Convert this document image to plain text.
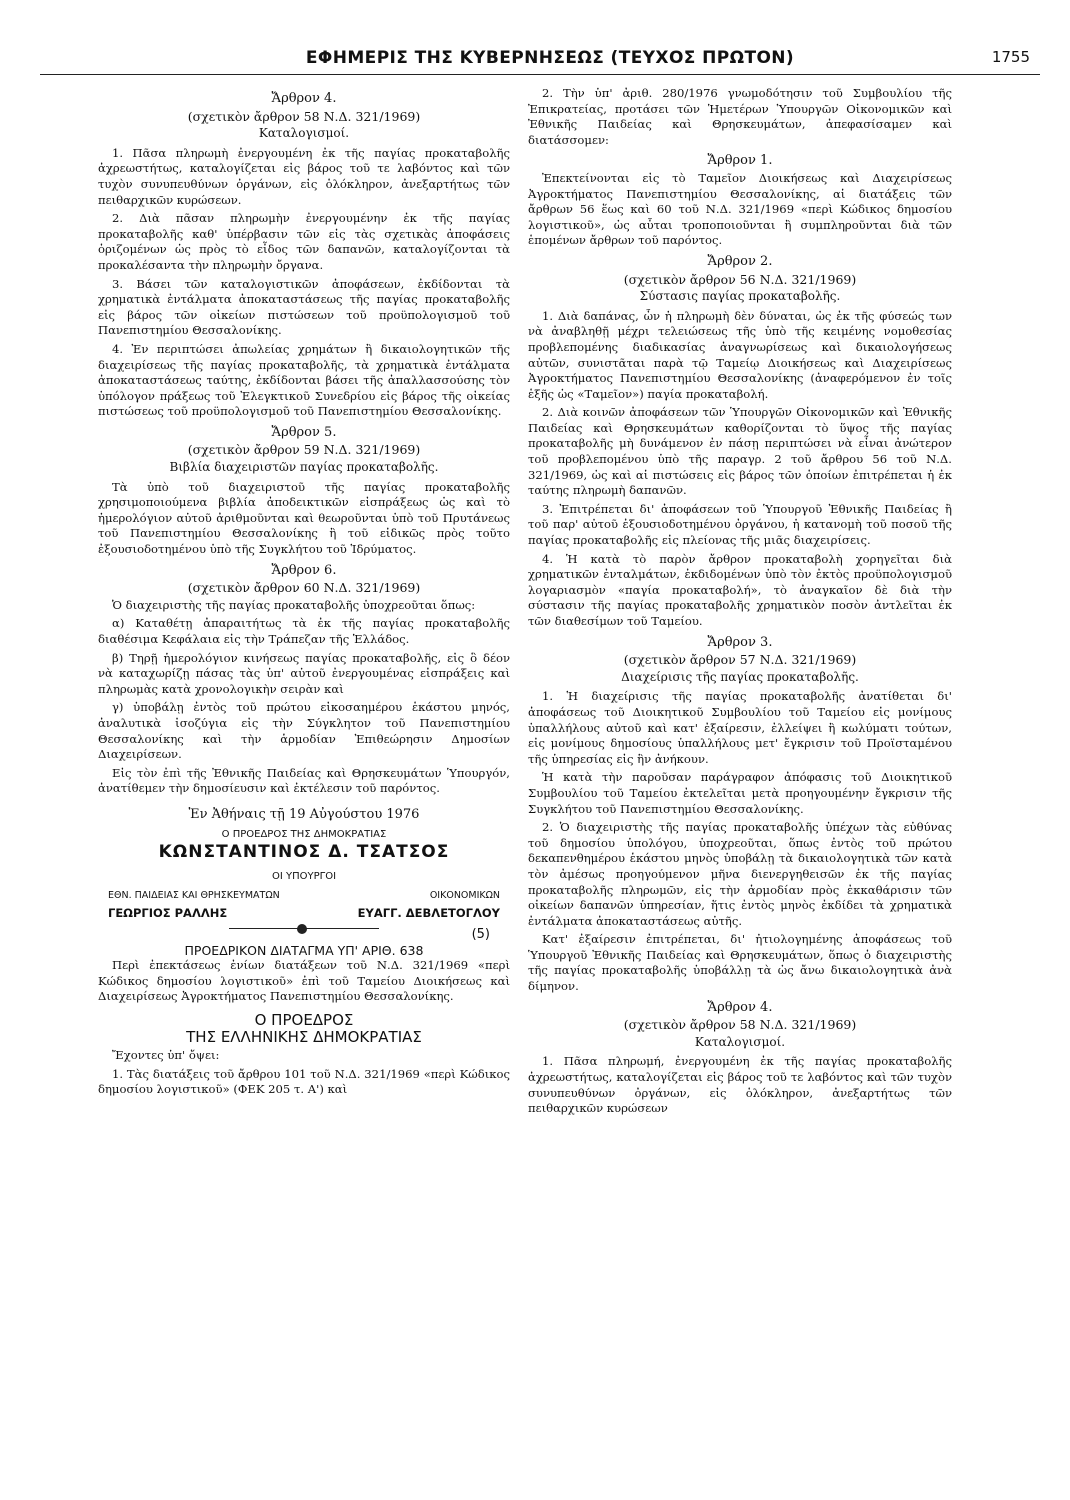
ΕΦΗΜΕΡΙΣ ΤΗΣ ΚΥΒΕΡΝΗΣΕΩΣ (ΤΕΥΧΟΣ ΠΡΩΤΟΝ)	1755
Ἄρθρον 4.
(σχετικὸν ἄρθρον 58 Ν.Δ. 321/1969)
Καταλογισμοί.

1. Πᾶσα πληρωμὴ ἐνεργουμένη ἐκ τῆς παγίας προκαταβολῆς ἀχρεωστήτως, καταλογίζεται εἰς βάρος τοῦ τε λαβόντος καὶ τῶν τυχὸν συνυπευθύνων ὀργάνων, εἰς ὁλόκληρον, ἀνεξαρτήτως τῶν πειθαρχικῶν κυρώσεων.

2. Διὰ πᾶσαν πληρωμὴν ἐνεργουμένην ἐκ τῆς παγίας προκαταβολῆς καθ' ὑπέρβασιν τῶν εἰς τὰς σχετικὰς ἀποφάσεις ὁριζομένων ὡς πρὸς τὸ εἶδος τῶν δαπανῶν, καταλογίζονται τὰ προκαλέσαντα τὴν πληρωμὴν ὄργανα.

3. Βάσει τῶν καταλογιστικῶν ἀποφάσεων, ἐκδίδονται τὰ χρηματικὰ ἐντάλματα ἀποκαταστάσεως τῆς παγίας προκαταβολῆς εἰς βάρος τῶν οἰκείων πιστώσεων τοῦ προϋπολογισμοῦ τοῦ Πανεπιστημίου Θεσσαλονίκης.

4. Ἐν περιπτώσει ἀπωλείας χρημάτων ἢ δικαιολογητικῶν τῆς διαχειρίσεως τῆς παγίας προκαταβολῆς, τὰ χρηματικὰ ἐντάλματα ἀποκαταστάσεως ταύτης, ἐκδίδονται βάσει τῆς ἀπαλλασσούσης τὸν ὑπόλογον πράξεως τοῦ Ἐλεγκτικοῦ Συνεδρίου εἰς βάρος τῆς οἰκείας πιστώσεως τοῦ προϋπολογισμοῦ τοῦ Πανεπιστημίου Θεσσαλονίκης.

Ἄρθρον 5.
(σχετικὸν ἄρθρον 59 Ν.Δ. 321/1969)
Βιβλία διαχειριστῶν παγίας προκαταβολῆς.

Τὰ ὑπὸ τοῦ διαχειριστοῦ τῆς παγίας προκαταβολῆς χρησιμοποιούμενα βιβλία ἀποδεικτικῶν εἰσπράξεως ὡς καὶ τὸ ἡμερολόγιον αὐτοῦ ἀριθμοῦνται καὶ θεωροῦνται ὑπὸ τοῦ Πρυτάνεως τοῦ Πανεπιστημίου Θεσσαλονίκης ἢ τοῦ εἰδικῶς πρὸς τοῦτο ἐξουσιοδοτημένου ὑπὸ τῆς Συγκλήτου τοῦ Ἱδρύματος.

Ἄρθρον 6.
(σχετικὸν ἄρθρον 60 Ν.Δ. 321/1969)

Ὁ διαχειριστὴς τῆς παγίας προκαταβολῆς ὑποχρεοῦται ὅπως:

α) Καταθέτῃ ἀπαραιτήτως τὰ ἐκ τῆς παγίας προκαταβολῆς διαθέσιμα Κεφάλαια εἰς τὴν Τράπεζαν τῆς Ἑλλάδος.

β) Τηρῇ ἡμερολόγιον κινήσεως παγίας προκαταβολῆς, εἰς ὃ δέον νὰ καταχωρίζῃ πάσας τὰς ὑπ' αὐτοῦ ἐνεργουμένας εἰσπράξεις καὶ πληρωμὰς κατὰ χρονολογικὴν σειρὰν καὶ

γ) ὑποβάλῃ ἐντὸς τοῦ πρώτου εἰκοσαημέρου ἑκάστου μηνός, ἀναλυτικὰ ἰσοζύγια εἰς τὴν Σύγκλητον τοῦ Πανεπιστημίου Θεσσαλονίκης καὶ τὴν ἁρμοδίαν Ἐπιθεώρησιν Δημοσίων Διαχειρίσεων.

Εἰς τὸν ἐπὶ τῆς Ἐθνικῆς Παιδείας καὶ Θρησκευμάτων Ὑπουργόν, ἀνατίθεμεν τὴν δημοσίευσιν καὶ ἐκτέλεσιν τοῦ παρόντος.

Ἐν Ἀθήναις τῇ 19 Αὐγούστου 1976
Ο ΠΡΟΕΔΡΟΣ ΤΗΣ ΔΗΜΟΚΡΑΤΙΑΣ
ΚΩΝΣΤΑΝΤΙΝΟΣ Δ. ΤΣΑΤΣΟΣ
ΟΙ ΥΠΟΥΡΓΟΙ
ΕΘΝ. ΠΑΙΔΕΙΑΣ ΚΑΙ ΘΡΗΣΚΕΥΜΑΤΩΝ	ΟΙΚΟΝΟΜΙΚΩΝ
ΓΕΩΡΓΙΟΣ ΡΑΛΛΗΣ	ΕΥΑΓΓ. ΔΕΒΛΕΤΟΓΛΟΥ
(5)
ΠΡΟΕΔΡΙΚΟΝ ΔΙΑΤΑΓΜΑ ΥΠ' ΑΡΙΘ. 638

Περὶ ἐπεκτάσεως ἐνίων διατάξεων τοῦ Ν.Δ. 321/1969 «περὶ Κώδικος δημοσίου λογιστικοῦ» ἐπὶ τοῦ Ταμείου Διοικήσεως καὶ Διαχειρίσεως Ἀγροκτήματος Πανεπιστημίου Θεσσαλονίκης.

Ο ΠΡΟΕΔΡΟΣ
ΤΗΣ ΕΛΛΗΝΙΚΗΣ ΔΗΜΟΚΡΑΤΙΑΣ

Ἔχοντες ὑπ' ὄψει:

1. Τὰς διατάξεις τοῦ ἄρθρου 101 τοῦ Ν.Δ. 321/1969 «περὶ Κώδικος δημοσίου λογιστικοῦ» (ΦΕΚ 205 τ. Α') καὶ

2. Τὴν ὑπ' ἀριθ. 280/1976 γνωμοδότησιν τοῦ Συμβουλίου τῆς Ἐπικρατείας, προτάσει τῶν Ἡμετέρων Ὑπουργῶν Οἰκονομικῶν καὶ Ἐθνικῆς Παιδείας καὶ Θρησκευμάτων, ἀπεφασίσαμεν καὶ διατάσσομεν:

Ἄρθρον 1.

Ἐπεκτείνονται εἰς τὸ Ταμεῖον Διοικήσεως καὶ Διαχειρίσεως Ἀγροκτήματος Πανεπιστημίου Θεσσαλονίκης, αἱ διατάξεις τῶν ἄρθρων 56 ἕως καὶ 60 τοῦ Ν.Δ. 321/1969 «περὶ Κώδικος δημοσίου λογιστικοῦ», ὡς αὗται τροποποιοῦνται ἢ συμπληροῦνται διὰ τῶν ἑπομένων ἄρθρων τοῦ παρόντος.

Ἄρθρον 2.
(σχετικὸν ἄρθρον 56 Ν.Δ. 321/1969)
Σύστασις παγίας προκαταβολῆς.

1. Διὰ δαπάνας, ὧν ἡ πληρωμὴ δὲν δύναται, ὡς ἐκ τῆς φύσεώς των νὰ ἀναβληθῇ μέχρι τελειώσεως τῆς ὑπὸ τῆς κειμένης νομοθεσίας προβλεπομένης διαδικασίας ἀναγνωρίσεως καὶ δικαιολογήσεως αὐτῶν, συνιστᾶται παρὰ τῷ Ταμείῳ Διοικήσεως καὶ Διαχειρίσεως Ἀγροκτήματος Πανεπιστημίου Θεσσαλονίκης (ἀναφερόμενον ἐν τοῖς ἑξῆς ὡς «Ταμεῖον») παγία προκαταβολή.

2. Διὰ κοινῶν ἀποφάσεων τῶν Ὑπουργῶν Οἰκονομικῶν καὶ Ἐθνικῆς Παιδείας καὶ Θρησκευμάτων καθορίζονται τὸ ὕψος τῆς παγίας προκαταβολῆς μὴ δυνάμενον ἐν πάσῃ περιπτώσει νὰ εἶναι ἀνώτερον τοῦ προβλεπομένου ὑπὸ τῆς παραγρ. 2 τοῦ ἄρθρου 56 τοῦ Ν.Δ. 321/1969, ὡς καὶ αἱ πιστώσεις εἰς βάρος τῶν ὁποίων ἐπιτρέπεται ἡ ἐκ ταύτης πληρωμὴ δαπανῶν.

3. Ἐπιτρέπεται δι' ἀποφάσεων τοῦ Ὑπουργοῦ Ἐθνικῆς Παιδείας ἢ τοῦ παρ' αὐτοῦ ἐξουσιοδοτημένου ὀργάνου, ἡ κατανομὴ τοῦ ποσοῦ τῆς παγίας προκαταβολῆς εἰς πλείονας τῆς μιᾶς διαχειρίσεις.

4. Ἡ κατὰ τὸ παρὸν ἄρθρον προκαταβολὴ χορηγεῖται διὰ χρηματικῶν ἐνταλμάτων, ἐκδιδομένων ὑπὸ τὸν ἐκτὸς προϋπολογισμοῦ λογαριασμὸν «παγία προκαταβολή», τὸ ἀναγκαῖον δὲ διὰ τὴν σύστασιν τῆς παγίας προκαταβολῆς χρηματικὸν ποσὸν ἀντλεῖται ἐκ τῶν διαθεσίμων τοῦ Ταμείου.

Ἄρθρον 3.
(σχετικὸν ἄρθρον 57 Ν.Δ. 321/1969)
Διαχείρισις τῆς παγίας προκαταβολῆς.

1. Ἡ διαχείρισις τῆς παγίας προκαταβολῆς ἀνατίθεται δι' ἀποφάσεως τοῦ Διοικητικοῦ Συμβουλίου τοῦ Ταμείου εἰς μονίμους ὑπαλλήλους αὐτοῦ καὶ κατ' ἐξαίρεσιν, ἐλλείψει ἢ κωλύματι τούτων, εἰς μονίμους δημοσίους ὑπαλλήλους μετ' ἔγκρισιν τοῦ Προϊσταμένου τῆς ὑπηρεσίας εἰς ἣν ἀνήκουν.

Ἡ κατὰ τὴν παροῦσαν παράγραφον ἀπόφασις τοῦ Διοικητικοῦ Συμβουλίου τοῦ Ταμείου ἐκτελεῖται μετὰ προηγουμένην ἔγκρισιν τῆς Συγκλήτου τοῦ Πανεπιστημίου Θεσσαλονίκης.

2. Ὁ διαχειριστὴς τῆς παγίας προκαταβολῆς ὑπέχων τὰς εὐθύνας τοῦ δημοσίου ὑπολόγου, ὑποχρεοῦται, ὅπως ἐντὸς τοῦ πρώτου δεκαπενθημέρου ἑκάστου μηνὸς ὑποβάλῃ τὰ δικαιολογητικὰ τῶν κατὰ τὸν ἀμέσως προηγούμενον μῆνα διενεργηθεισῶν ἐκ τῆς παγίας προκαταβολῆς πληρωμῶν, εἰς τὴν ἁρμοδίαν πρὸς ἐκκαθάρισιν τῶν οἰκείων δαπανῶν ὑπηρεσίαν, ἥτις ἐντὸς μηνὸς ἐκδίδει τὰ χρηματικὰ ἐντάλματα ἀποκαταστάσεως αὐτῆς.

Κατ' ἐξαίρεσιν ἐπιτρέπεται, δι' ἠτιολογημένης ἀποφάσεως τοῦ Ὑπουργοῦ Ἐθνικῆς Παιδείας καὶ Θρησκευμάτων, ὅπως ὁ διαχειριστὴς τῆς παγίας προκαταβολῆς ὑποβάλλῃ τὰ ὡς ἄνω δικαιολογητικὰ ἀνὰ δίμηνον.

Ἄρθρον 4.
(σχετικὸν ἄρθρον 58 Ν.Δ. 321/1969)
Καταλογισμοί.

1. Πᾶσα πληρωμή, ἐνεργουμένη ἐκ τῆς παγίας προκαταβολῆς ἀχρεωστήτως, καταλογίζεται εἰς βάρος τοῦ τε λαβόντος καὶ τῶν τυχὸν συνυπευθύνων ὀργάνων, εἰς ὁλόκληρον, ἀνεξαρτήτως τῶν πειθαρχικῶν κυρώσεων
